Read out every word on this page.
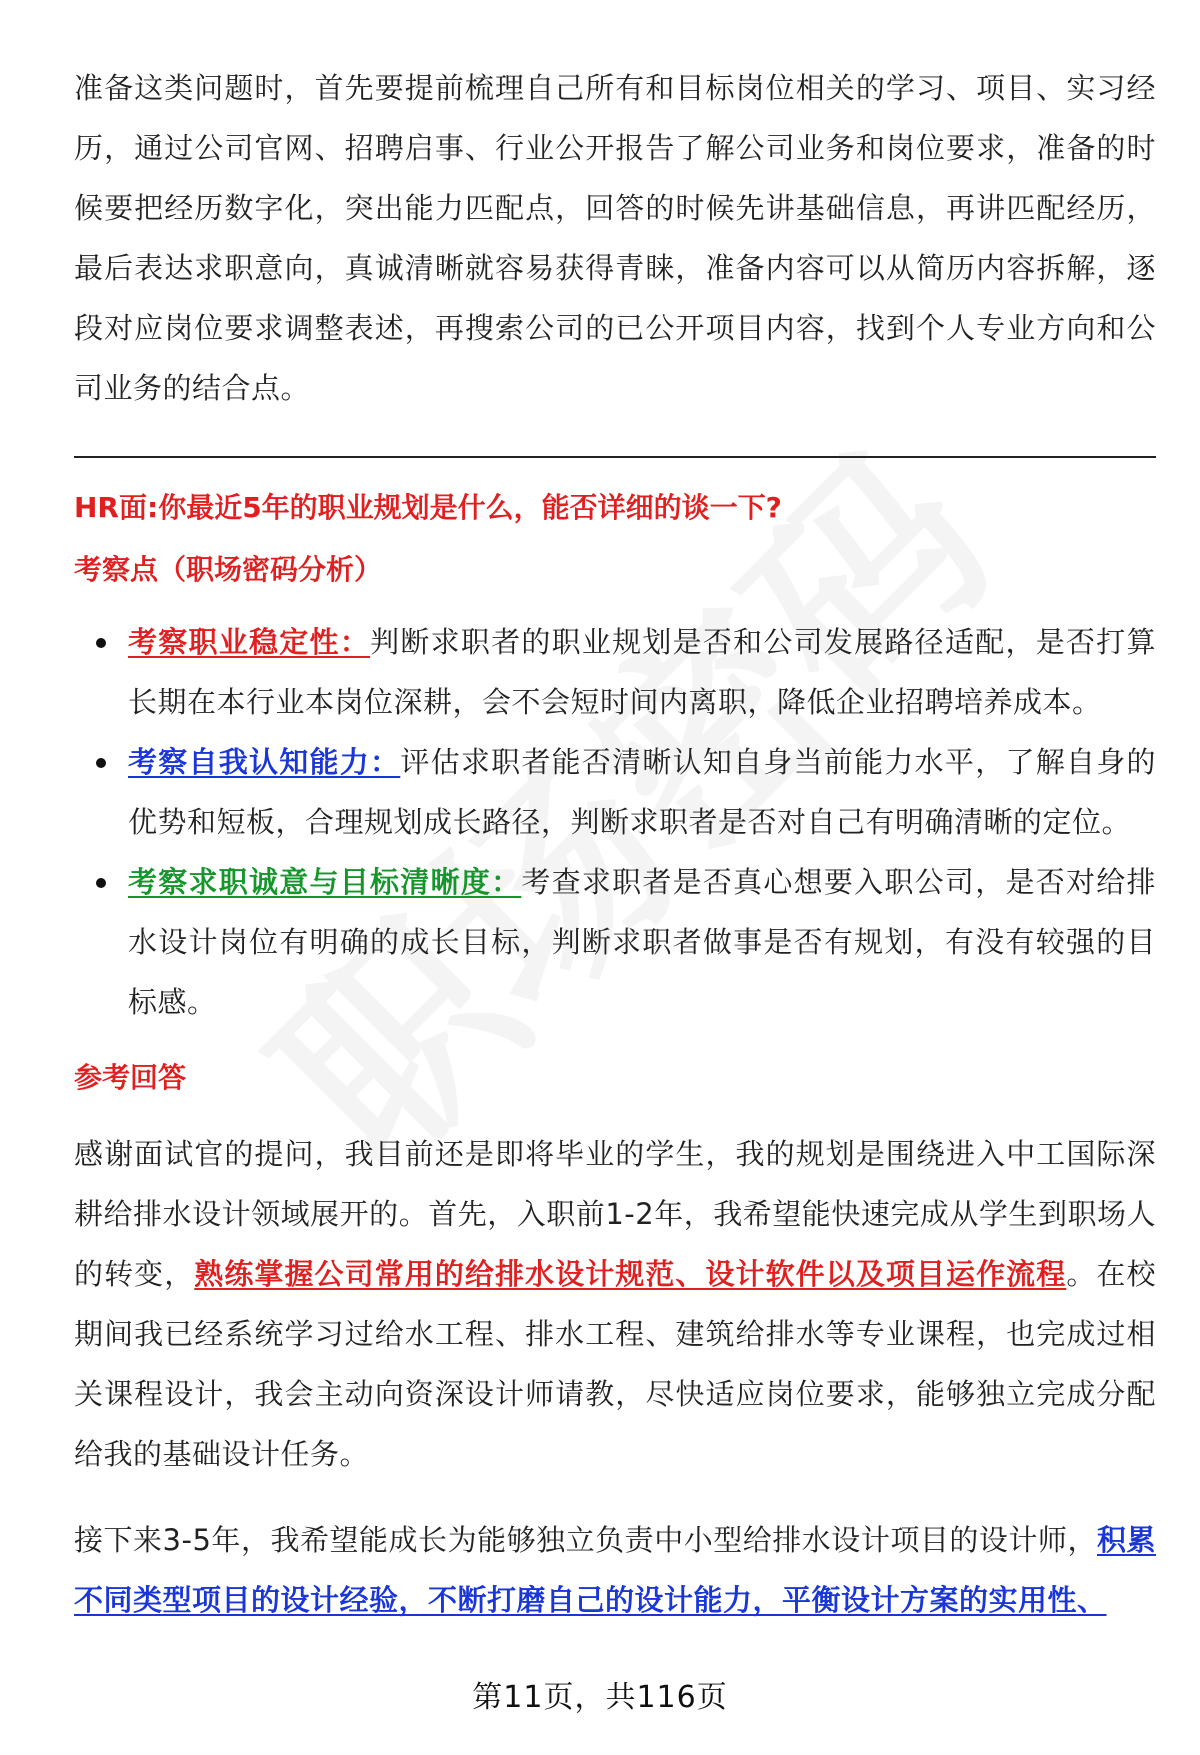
准备这类问题时，首先要提前梳理自己所有和目标岗位相关的学习、项目、实习经历，通过公司官网、招聘启事、行业公开报告了解公司业务和岗位要求，准备的时候要把经历数字化，突出能力匹配点，回答的时候先讲基础信息，再讲匹配经历，最后表达求职意向，真诚清晰就容易获得青睐，准备内容可以从简历内容拆解，逐段对应岗位要求调整表述，再搜索公司的已公开项目内容，找到个人专业方向和公司业务的结合点。

HR面:你最近5年的职业规划是什么，能否详细的谈一下?
考察点（职场密码分析）
考察职业稳定性：判断求职者的职业规划是否和公司发展路径适配，是否打算长期在本行业本岗位深耕，会不会短时间内离职，降低企业招聘培养成本。
考察自我认知能力：评估求职者能否清晰认知自身当前能力水平，了解自身的优势和短板，合理规划成长路径，判断求职者是否对自己有明确清晰的定位。
考察求职诚意与目标清晰度：考查求职者是否真心想要入职公司，是否对给排水设计岗位有明确的成长目标，判断求职者做事是否有规划，有没有较强的目标感。
参考回答

感谢面试官的提问，我目前还是即将毕业的学生，我的规划是围绕进入中工国际深耕给排水设计领域展开的。首先，入职前1-2年，我希望能快速完成从学生到职场人的转变，熟练掌握公司常用的给排水设计规范、设计软件以及项目运作流程。在校期间我已经系统学习过给水工程、排水工程、建筑给排水等专业课程，也完成过相关课程设计，我会主动向资深设计师请教，尽快适应岗位要求，能够独立完成分配给我的基础设计任务。

接下来3-5年，我希望能成长为能够独立负责中小型给排水设计项目的设计师，积累不同类型项目的设计经验，不断打磨自己的设计能力，平衡设计方案的实用性、

第11页，共116页
